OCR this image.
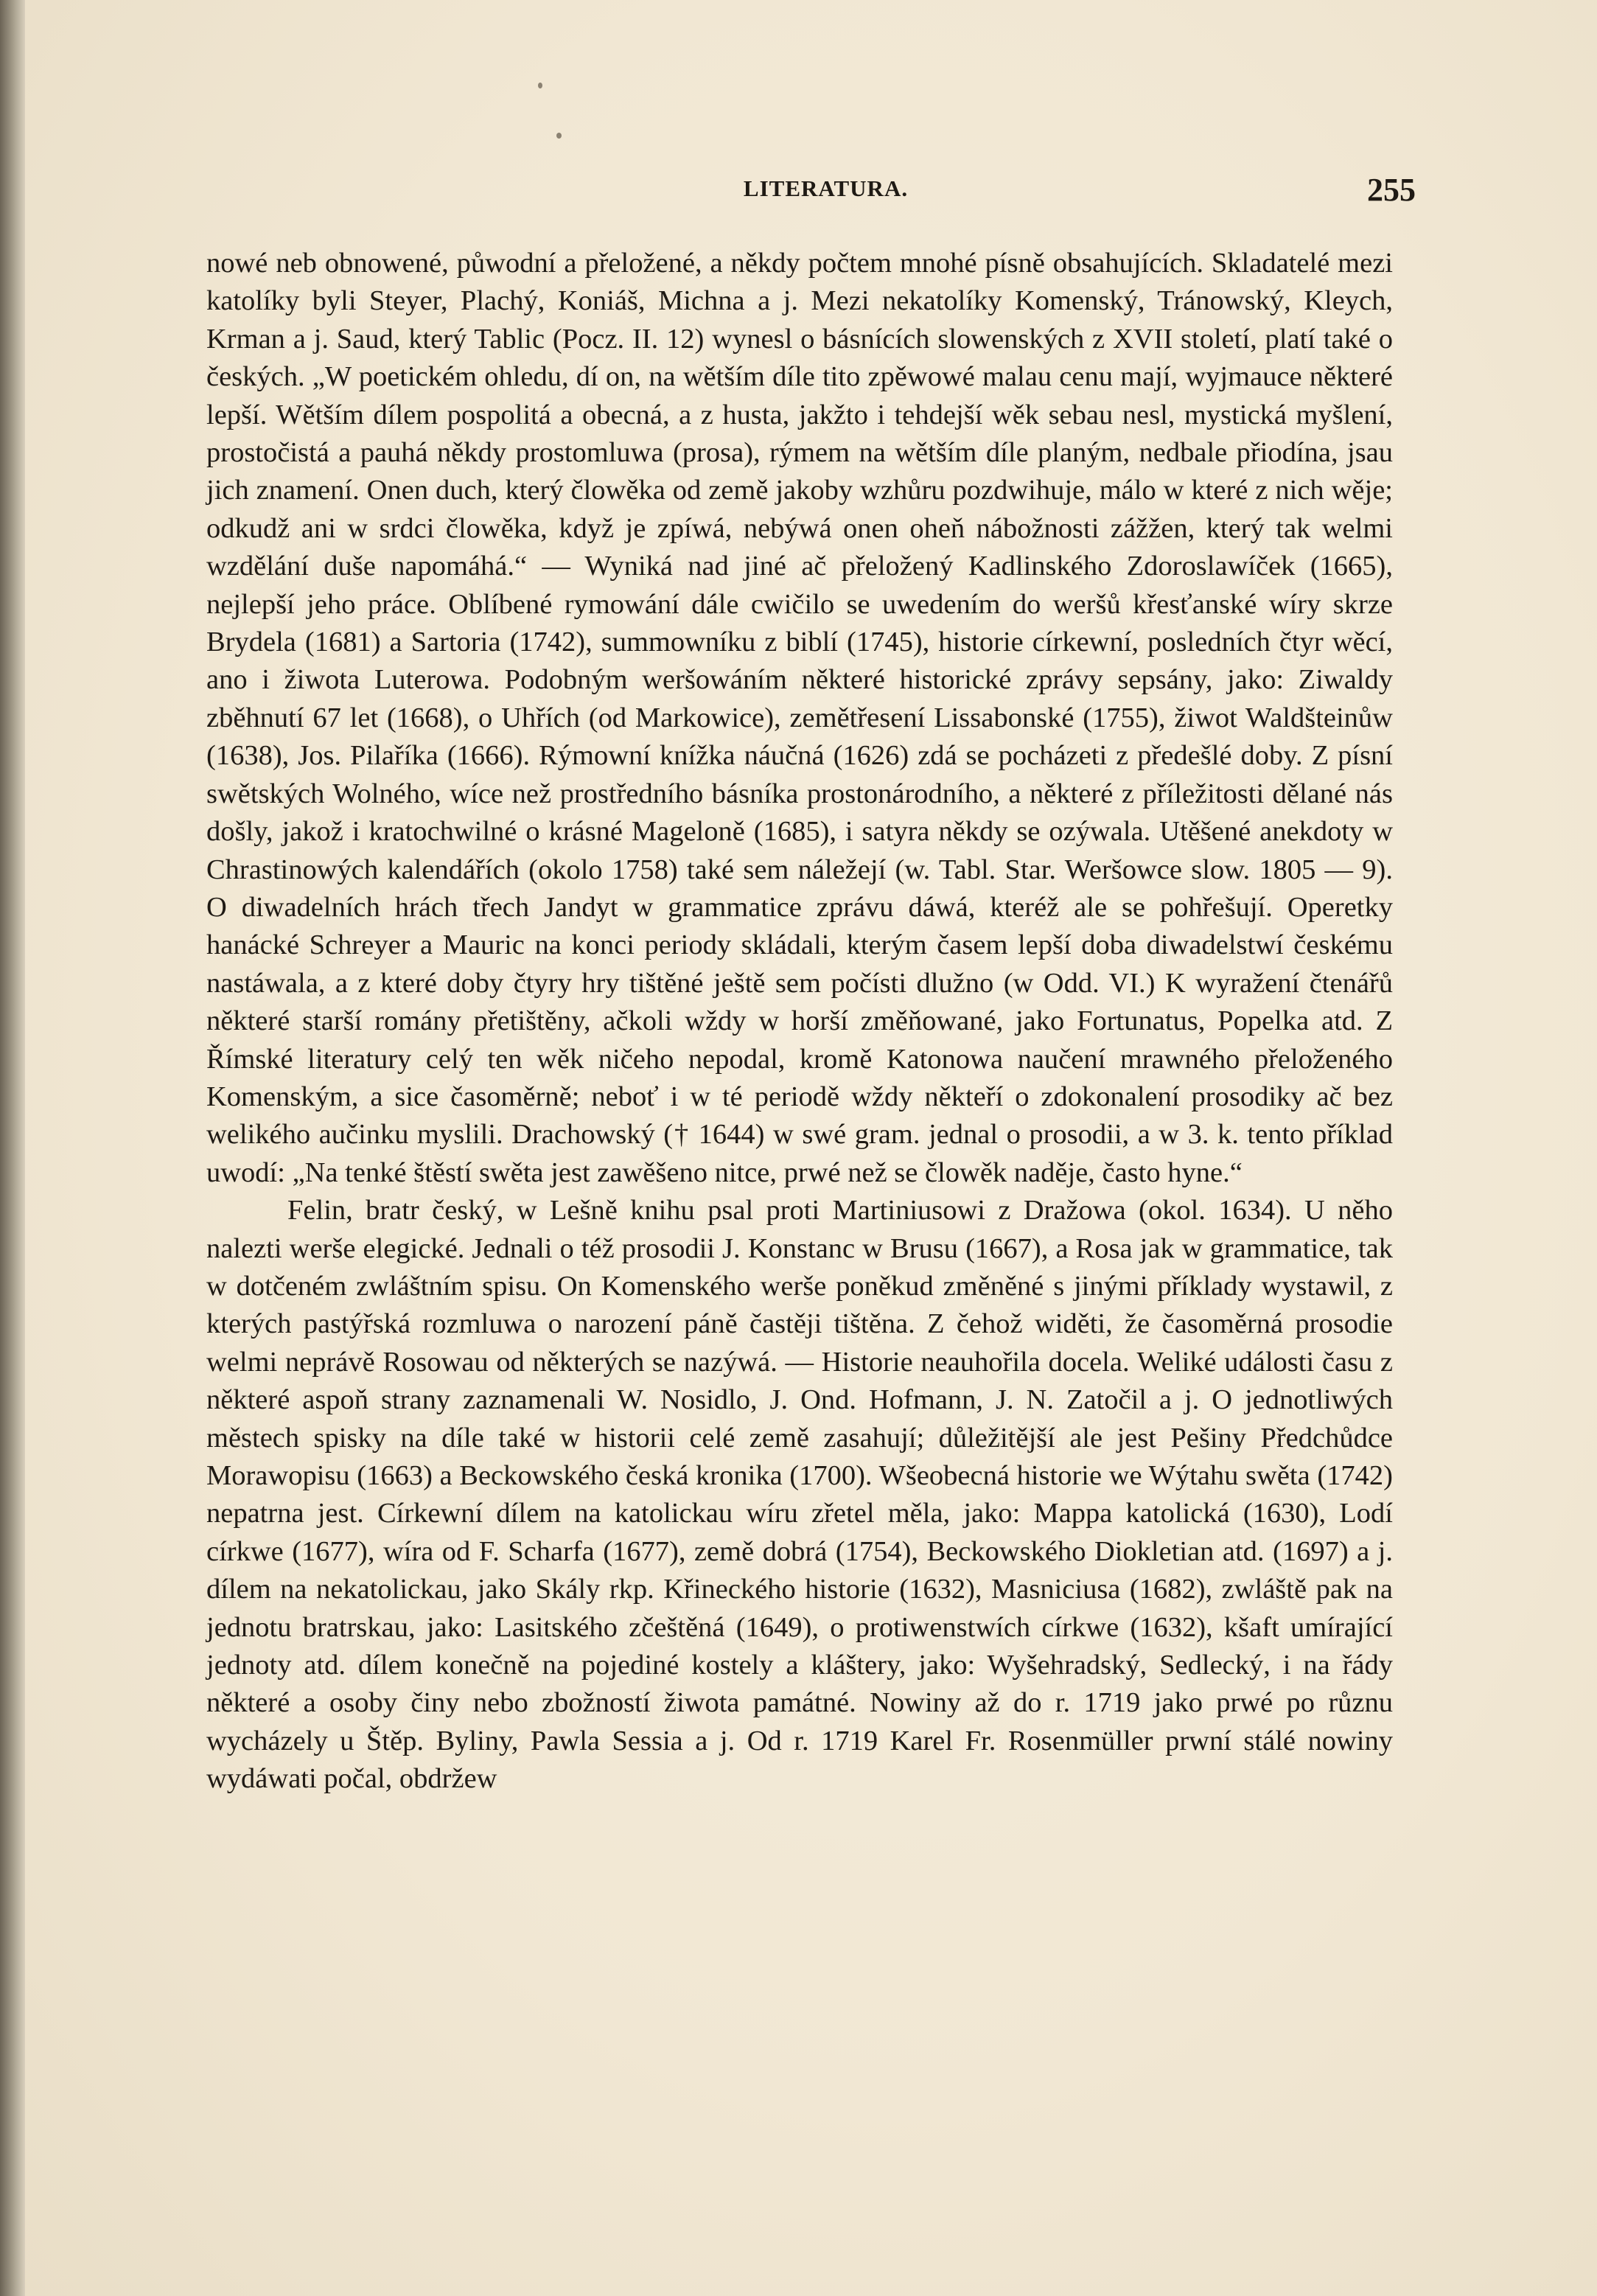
LITERATURA.	255

nowé neb obnowené, půwodní a přeložené, a někdy počtem mnohé písně obsahujících. Skladatelé mezi katolíky byli Steyer, Plachý, Koniáš, Michna a j. Mezi nekatolíky Komenský, Tránowský, Kleych, Krman a j. Saud, který Tablic (Pocz. II. 12) wynesl o básnících slowenských z XVII století, platí také o českých. „W poetickém ohledu, dí on, na wětším díle tito zpěwowé malau cenu mají, wyjmauce některé lepší. Wětším dílem pospolitá a obecná, a z husta, jakžto i tehdejší wěk sebau nesl, mystická myšlení, prostočistá a pauhá někdy prostomluwa (prosa), rýmem na wětším díle planým, nedbale přiodína, jsau jich znamení. Onen duch, který člowěka od země jakoby wzhůru pozdwihuje, málo w které z nich wěje; odkudž ani w srdci člowěka, když je zpíwá, nebýwá onen oheň nábožnosti zážžen, který tak welmi wzdělání duše napomáhá.“ — Wyniká nad jiné ač přeložený Kadlinského Zdoroslawíček (1665), nejlepší jeho práce. Oblíbené rymowání dále cwičilo se uwedením do weršů křesťanské wíry skrze Brydela (1681) a Sartoria (1742), summowníku z biblí (1745), historie církewní, posledních čtyr wěcí, ano i žiwota Luterowa. Podobným weršowáním některé historické zprávy sepsány, jako: Ziwaldy zběhnutí 67 let (1668), o Uhřích (od Markowice), zemětřesení Lissabonské (1755), žiwot Waldšteinůw (1638), Jos. Pilaříka (1666). Rýmowní knížka náučná (1626) zdá se pocházeti z předešlé doby. Z písní swětských Wolného, wíce než prostředního básníka prostonárodního, a některé z příležitosti dělané nás došly, jakož i kratochwilné o krásné Mageloně (1685), i satyra někdy se ozýwala. Utěšené anekdoty w Chrastinowých kalendářích (okolo 1758) také sem náležejí (w. Tabl. Star. Weršowce slow. 1805 — 9). O diwadelních hrách třech Jandyt w grammatice zprávu dáwá, kteréž ale se pohřešují. Operetky hanácké Schreyer a Mauric na konci periody skládali, kterým časem lepší doba diwadelstwí českému nastáwala, a z které doby čtyry hry tištěné ještě sem počísti dlužno (w Odd. VI.) K wyražení čtenářů některé starší romány přetištěny, ačkoli wždy w horší změňowané, jako Fortunatus, Popelka atd. Z Římské literatury celý ten wěk ničeho nepodal, kromě Katonowa naučení mrawného přeloženého Komenským, a sice časoměrně; neboť i w té periodě wždy někteří o zdokonalení prosodiky ač bez welikého aučinku myslili. Drachowský († 1644) w swé gram. jednal o prosodii, a w 3. k. tento příklad uwodí: „Na tenké štěstí swěta jest zawěšeno nitce, prwé než se člowěk naděje, často hyne.“

Felin, bratr český, w Lešně knihu psal proti Martiniusowi z Dražowa (okol. 1634). U něho nalezti werše elegické. Jednali o též prosodii J. Konstanc w Brusu (1667), a Rosa jak w grammatice, tak w dotčeném zwláštním spisu. On Komenského werše poněkud změněné s jinými příklady wystawil, z kterých pastýřská rozmluwa o narození páně častěji tištěna. Z čehož widěti, že časoměrná prosodie welmi neprávě Rosowau od některých se nazýwá. — Historie neauhořila docela. Weliké události času z některé aspoň strany zaznamenali W. Nosidlo, J. Ond. Hofmann, J. N. Zatočil a j. O jednotliwých městech spisky na díle také w historii celé země zasahují; důležitější ale jest Pešiny Předchůdce Morawopisu (1663) a Beckowského česká kronika (1700). Wšeobecná historie we Wýtahu swěta (1742) nepatrna jest. Církewní dílem na katolickau wíru zřetel měla, jako: Mappa katolická (1630), Lodí církwe (1677), wíra od F. Scharfa (1677), země dobrá (1754), Beckowského Diokletian atd. (1697) a j. dílem na nekatolickau, jako Skály rkp. Křineckého historie (1632), Masniciusa (1682), zwláště pak na jednotu bratrskau, jako: Lasitského zčeštěná (1649), o protiwenstwích církwe (1632), kšaft umírající jednoty atd. dílem konečně na pojediné kostely a kláštery, jako: Wyšehradský, Sedlecký, i na řády některé a osoby činy nebo zbožností žiwota památné. Nowiny až do r. 1719 jako prwé po různu wycházely u Štěp. Byliny, Pawla Sessia a j. Od r. 1719 Karel Fr. Rosenmüller prwní stálé nowiny wydáwati počal, obdržew
